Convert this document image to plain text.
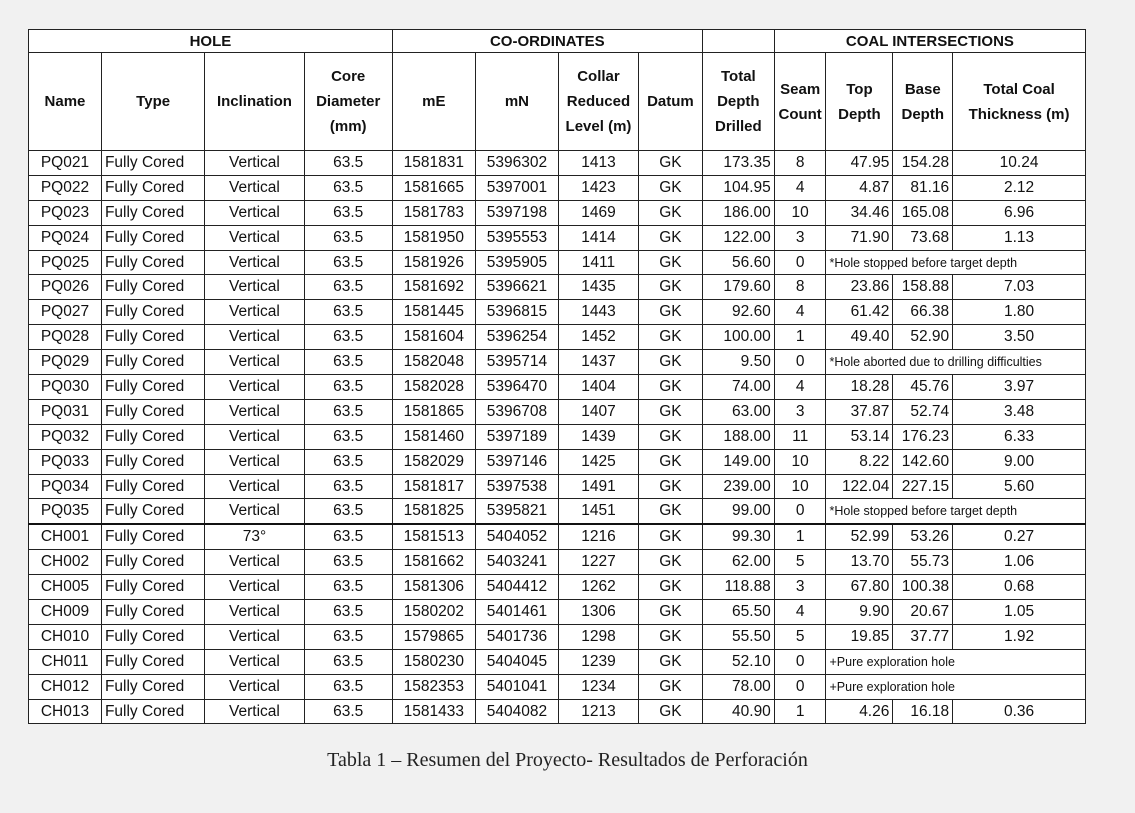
HOLE				CO-ORDINATES					COAL INTERSECTIONS			
Name	Type	Inclination	Core Diameter (mm)	mE	mN	Collar Reduced Level (m)	Datum	Total Depth Drilled	Seam Count	Top Depth	Base Depth	Total Coal Thickness (m)
PQ021	Fully Cored	Vertical	63.5	1581831	5396302	1413	GK	173.35	8	47.95	154.28	10.24
PQ022	Fully Cored	Vertical	63.5	1581665	5397001	1423	GK	104.95	4	4.87	81.16	2.12
PQ023	Fully Cored	Vertical	63.5	1581783	5397198	1469	GK	186.00	10	34.46	165.08	6.96
PQ024	Fully Cored	Vertical	63.5	1581950	5395553	1414	GK	122.00	3	71.90	73.68	1.13
PQ025	Fully Cored	Vertical	63.5	1581926	5395905	1411	GK	56.60	0	*Hole stopped before target depth		
PQ026	Fully Cored	Vertical	63.5	1581692	5396621	1435	GK	179.60	8	23.86	158.88	7.03
PQ027	Fully Cored	Vertical	63.5	1581445	5396815	1443	GK	92.60	4	61.42	66.38	1.80
PQ028	Fully Cored	Vertical	63.5	1581604	5396254	1452	GK	100.00	1	49.40	52.90	3.50
PQ029	Fully Cored	Vertical	63.5	1582048	5395714	1437	GK	9.50	0	*Hole aborted due to drilling difficulties		
PQ030	Fully Cored	Vertical	63.5	1582028	5396470	1404	GK	74.00	4	18.28	45.76	3.97
PQ031	Fully Cored	Vertical	63.5	1581865	5396708	1407	GK	63.00	3	37.87	52.74	3.48
PQ032	Fully Cored	Vertical	63.5	1581460	5397189	1439	GK	188.00	11	53.14	176.23	6.33
PQ033	Fully Cored	Vertical	63.5	1582029	5397146	1425	GK	149.00	10	8.22	142.60	9.00
PQ034	Fully Cored	Vertical	63.5	1581817	5397538	1491	GK	239.00	10	122.04	227.15	5.60
PQ035	Fully Cored	Vertical	63.5	1581825	5395821	1451	GK	99.00	0	*Hole stopped before target depth		
CH001	Fully Cored	73°	63.5	1581513	5404052	1216	GK	99.30	1	52.99	53.26	0.27
CH002	Fully Cored	Vertical	63.5	1581662	5403241	1227	GK	62.00	5	13.70	55.73	1.06
CH005	Fully Cored	Vertical	63.5	1581306	5404412	1262	GK	118.88	3	67.80	100.38	0.68
CH009	Fully Cored	Vertical	63.5	1580202	5401461	1306	GK	65.50	4	9.90	20.67	1.05
CH010	Fully Cored	Vertical	63.5	1579865	5401736	1298	GK	55.50	5	19.85	37.77	1.92
CH011	Fully Cored	Vertical	63.5	1580230	5404045	1239	GK	52.10	0	+Pure exploration hole		
CH012	Fully Cored	Vertical	63.5	1582353	5401041	1234	GK	78.00	0	+Pure exploration hole		
CH013	Fully Cored	Vertical	63.5	1581433	5404082	1213	GK	40.90	1	4.26	16.18	0.36
Tabla 1 – Resumen del Proyecto- Resultados de Perforación
